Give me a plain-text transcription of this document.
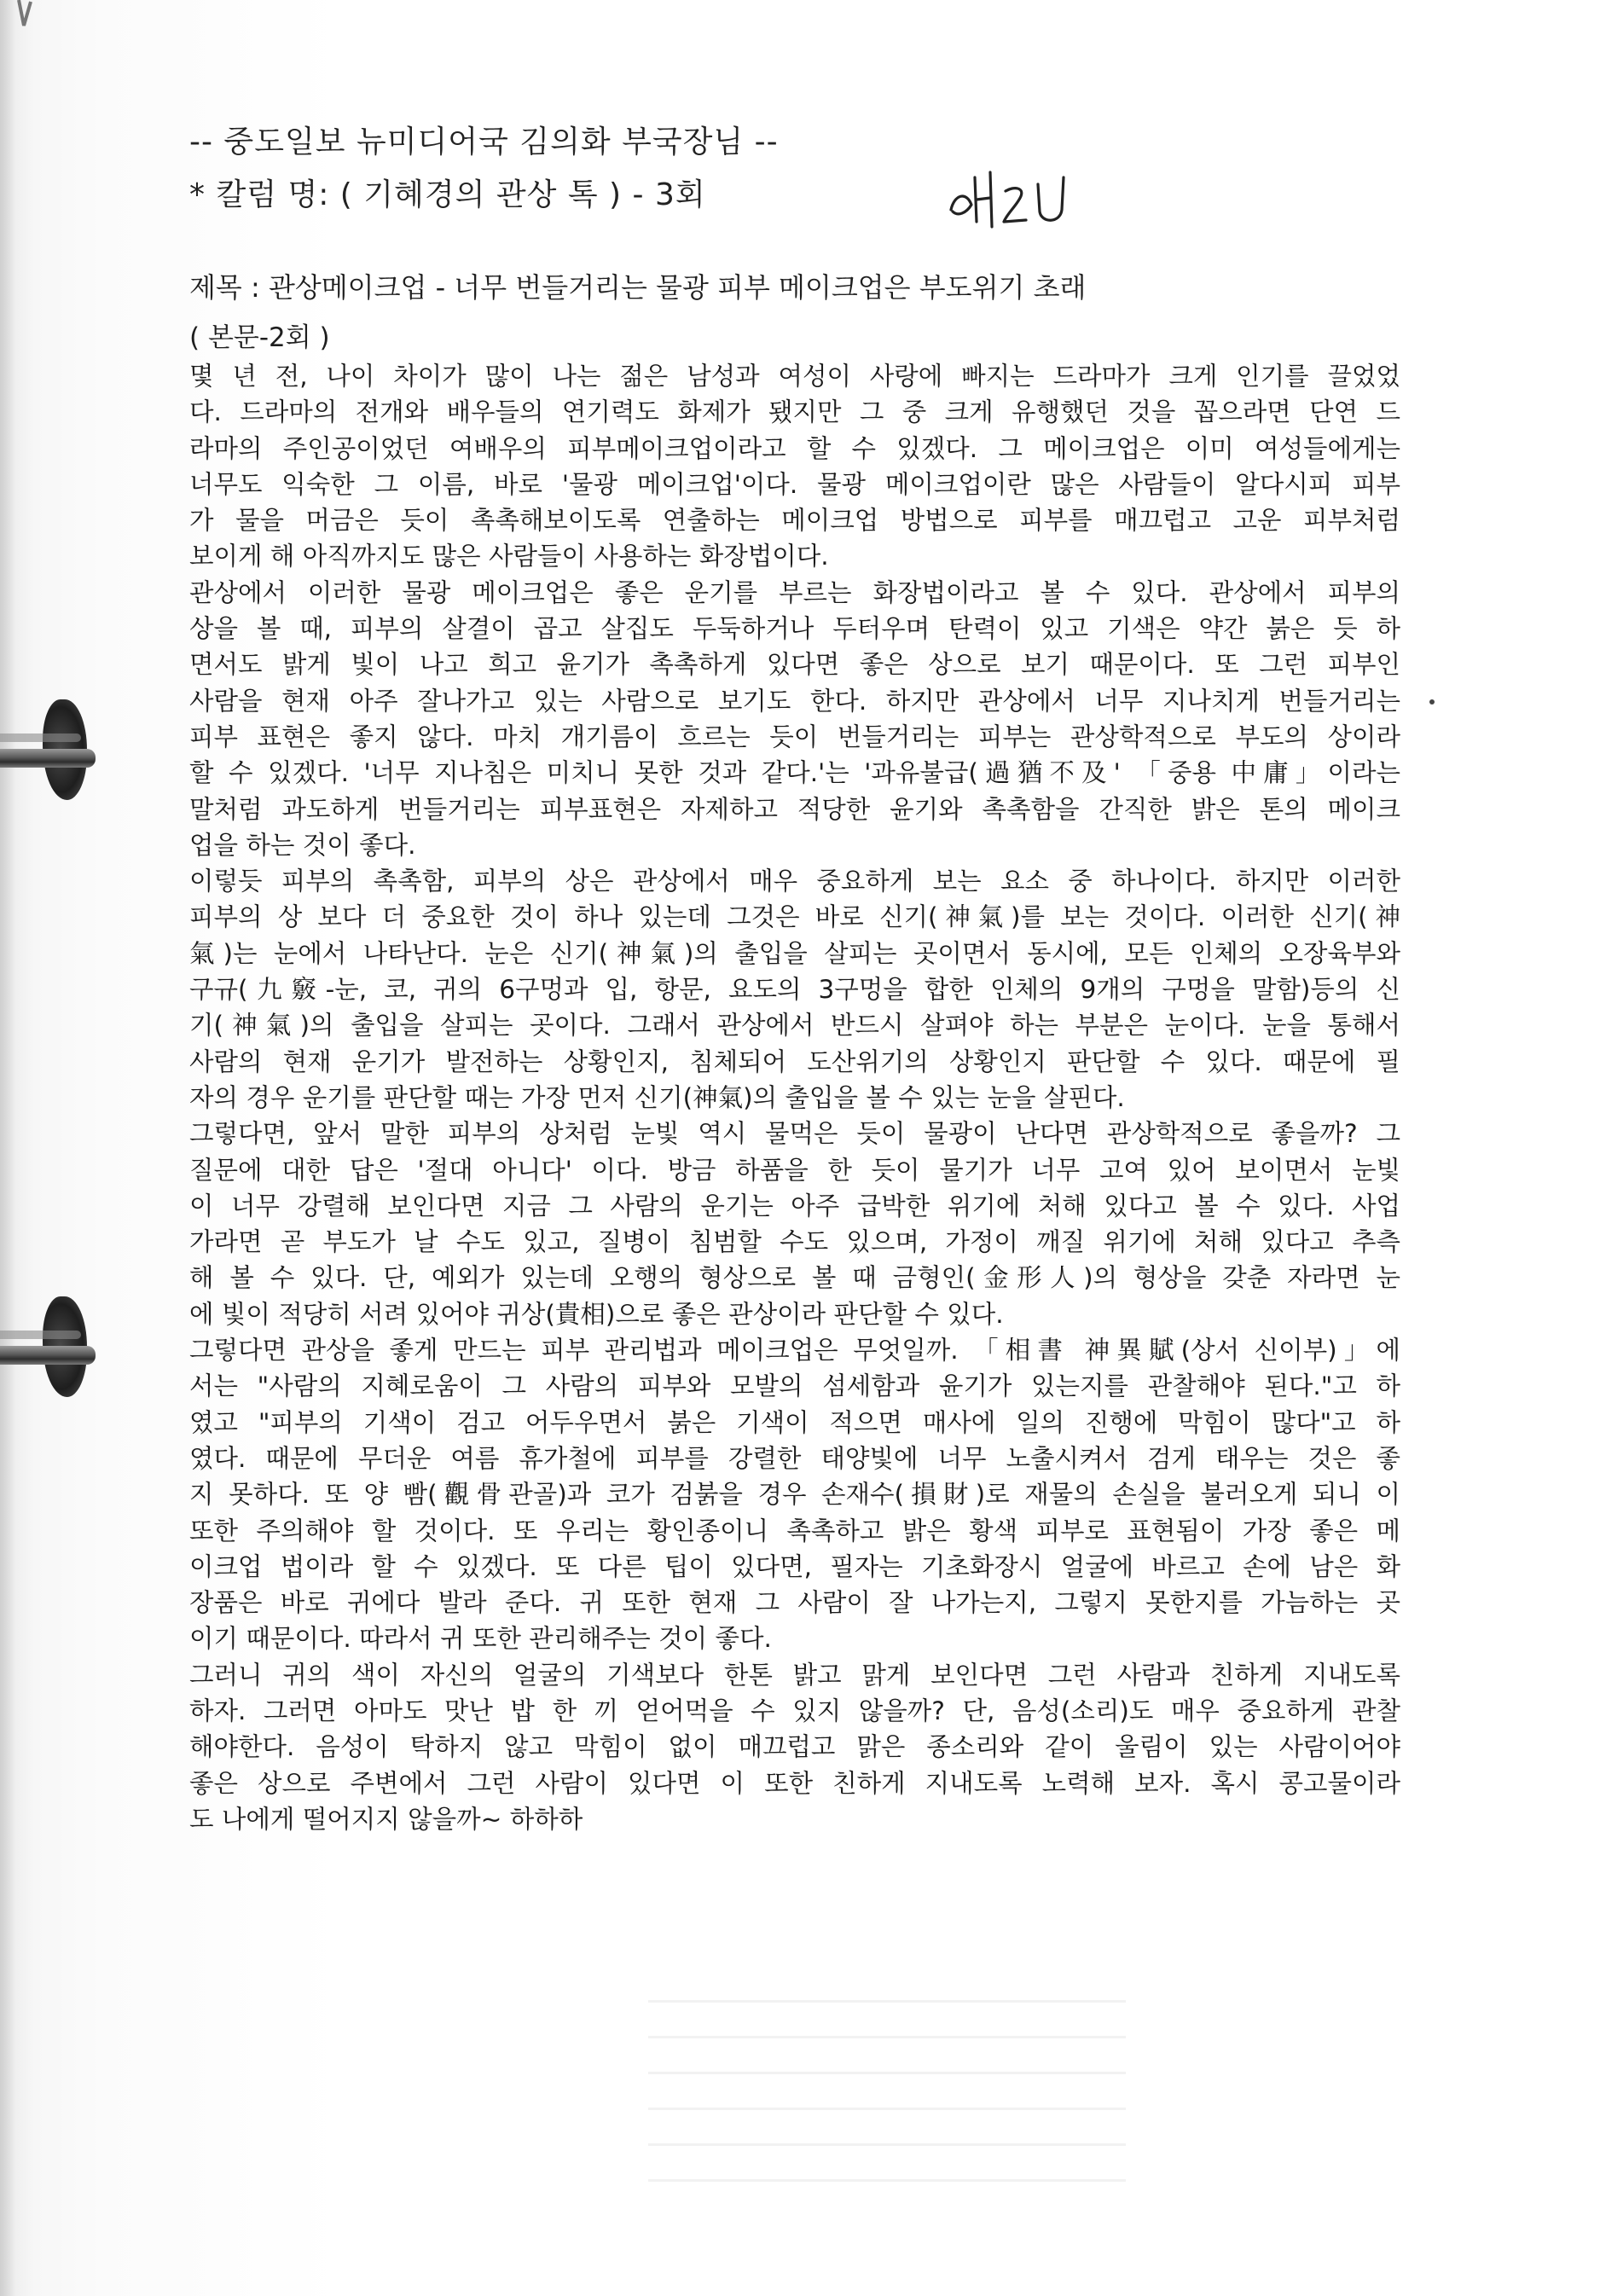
-- 중도일보 뉴미디어국 김의화 부국장님 --
* 칼럼 명: ( 기혜경의 관상 톡 ) - 3회
제목 : 관상메이크업 - 너무 번들거리는 물광 피부 메이크업은 부도위기 초래
( 본문-2회 )
몇 년 전, 나이 차이가 많이 나는 젊은 남성과 여성이 사랑에 빠지는 드라마가 크게 인기를 끌었었
다. 드라마의 전개와 배우들의 연기력도 화제가 됐지만 그 중 크게 유행했던 것을 꼽으라면 단연 드
라마의 주인공이었던 여배우의 피부메이크업이라고 할 수 있겠다. 그 메이크업은 이미 여성들에게는
너무도 익숙한 그 이름, 바로 '물광 메이크업'이다. 물광 메이크업이란 많은 사람들이 알다시피 피부
가 물을 머금은 듯이 촉촉해보이도록 연출하는 메이크업 방법으로 피부를 매끄럽고 고운 피부처럼
보이게 해 아직까지도 많은 사람들이 사용하는 화장법이다.
관상에서 이러한 물광 메이크업은 좋은 운기를 부르는 화장법이라고 볼 수 있다. 관상에서 피부의
상을 볼 때, 피부의 살결이 곱고 살집도 두둑하거나 두터우며 탄력이 있고 기색은 약간 붉은 듯 하
면서도 밝게 빛이 나고 희고 윤기가 촉촉하게 있다면 좋은 상으로 보기 때문이다. 또 그런 피부인
사람을 현재 아주 잘나가고 있는 사람으로 보기도 한다. 하지만 관상에서 너무 지나치게 번들거리는
피부 표현은 좋지 않다. 마치 개기름이 흐르는 듯이 번들거리는 피부는 관상학적으로 부도의 상이라
할 수 있겠다. '너무 지나침은 미치니 못한 것과 같다.'는 '과유불급(過猶不及' 「중용 中庸」이라는
말처럼 과도하게 번들거리는 피부표현은 자제하고 적당한 윤기와 촉촉함을 간직한 밝은 톤의 메이크
업을 하는 것이 좋다.
이렇듯 피부의 촉촉함, 피부의 상은 관상에서 매우 중요하게 보는 요소 중 하나이다. 하지만 이러한
피부의 상 보다 더 중요한 것이 하나 있는데 그것은 바로 신기(神氣)를 보는 것이다. 이러한 신기(神
氣)는 눈에서 나타난다. 눈은 신기(神氣)의 출입을 살피는 곳이면서 동시에, 모든 인체의 오장육부와
구규(九竅-눈, 코, 귀의 6구멍과 입, 항문, 요도의 3구멍을 합한 인체의 9개의 구멍을 말함)등의 신
기(神氣)의 출입을 살피는 곳이다. 그래서 관상에서 반드시 살펴야 하는 부분은 눈이다. 눈을 통해서
사람의 현재 운기가 발전하는 상황인지, 침체되어 도산위기의 상황인지 판단할 수 있다. 때문에 필
자의 경우 운기를 판단할 때는 가장 먼저 신기(神氣)의 출입을 볼 수 있는 눈을 살핀다.
그렇다면, 앞서 말한 피부의 상처럼 눈빛 역시 물먹은 듯이 물광이 난다면 관상학적으로 좋을까? 그
질문에 대한 답은 '절대 아니다' 이다. 방금 하품을 한 듯이 물기가 너무 고여 있어 보이면서 눈빛
이 너무 강렬해 보인다면 지금 그 사람의 운기는 아주 급박한 위기에 처해 있다고 볼 수 있다. 사업
가라면 곧 부도가 날 수도 있고, 질병이 침범할 수도 있으며, 가정이 깨질 위기에 처해 있다고 추측
해 볼 수 있다. 단, 예외가 있는데 오행의 형상으로 볼 때 금형인(金形人)의 형상을 갖춘 자라면 눈
에 빛이 적당히 서려 있어야 귀상(貴相)으로 좋은 관상이라 판단할 수 있다.
그렇다면 관상을 좋게 만드는 피부 관리법과 메이크업은 무엇일까. 「相書 神異賦(상서 신이부)」에
서는 "사람의 지혜로움이 그 사람의 피부와 모발의 섬세함과 윤기가 있는지를 관찰해야 된다."고 하
였고 "피부의 기색이 검고 어두우면서 붉은 기색이 적으면 매사에 일의 진행에 막힘이 많다"고 하
였다. 때문에 무더운 여름 휴가철에 피부를 강렬한 태양빛에 너무 노출시켜서 검게 태우는 것은 좋
지 못하다. 또 양 빰(觀骨관골)과 코가 검붉을 경우 손재수(損財)로 재물의 손실을 불러오게 되니 이
또한 주의해야 할 것이다. 또 우리는 황인종이니 촉촉하고 밝은 황색 피부로 표현됨이 가장 좋은 메
이크업 법이라 할 수 있겠다. 또 다른 팁이 있다면, 필자는 기초화장시 얼굴에 바르고 손에 남은 화
장품은 바로 귀에다 발라 준다. 귀 또한 현재 그 사람이 잘 나가는지, 그렇지 못한지를 가늠하는 곳
이기 때문이다. 따라서 귀 또한 관리해주는 것이 좋다.
그러니 귀의 색이 자신의 얼굴의 기색보다 한톤 밝고 맑게 보인다면 그런 사람과 친하게 지내도록
하자. 그러면 아마도 맛난 밥 한 끼 얻어먹을 수 있지 않을까? 단, 음성(소리)도 매우 중요하게 관찰
해야한다. 음성이 탁하지 않고 막힘이 없이 매끄럽고 맑은 종소리와 같이 울림이 있는 사람이어야
좋은 상으로 주변에서 그런 사람이 있다면 이 또한 친하게 지내도록 노력해 보자. 혹시 콩고물이라
도 나에게 떨어지지 않을까~ 하하하
